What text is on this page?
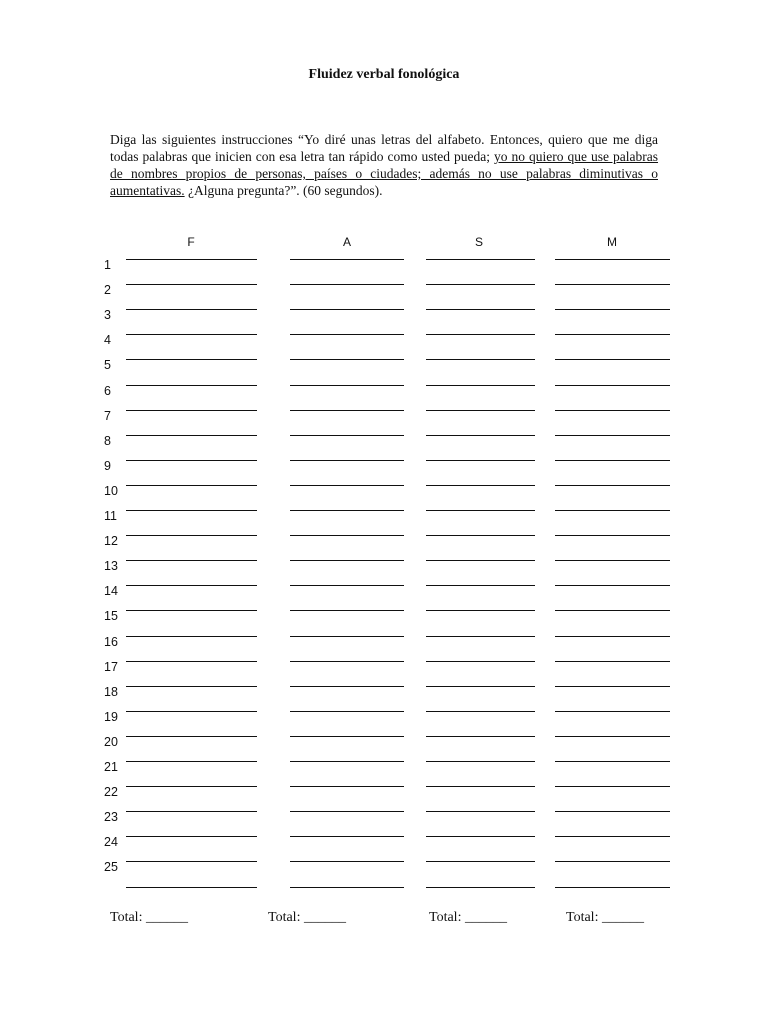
Fluidez verbal fonológica
Diga las siguientes instrucciones “Yo diré unas letras del alfabeto. Entonces, quiero que me diga todas palabras que inicien con esa letra tan rápido como usted pueda; yo no quiero que use palabras de nombres propios de personas, países o ciudades; además no use palabras diminutivas o aumentativas. ¿Alguna pregunta?”. (60 segundos).
F	A	S	M
1
2
3
4
5
6
7
8
9
10
11
12
13
14
15
16
17
18
19
20
21
22
23
24
25
Total: ______	Total: ______	Total: ______	Total: ______
